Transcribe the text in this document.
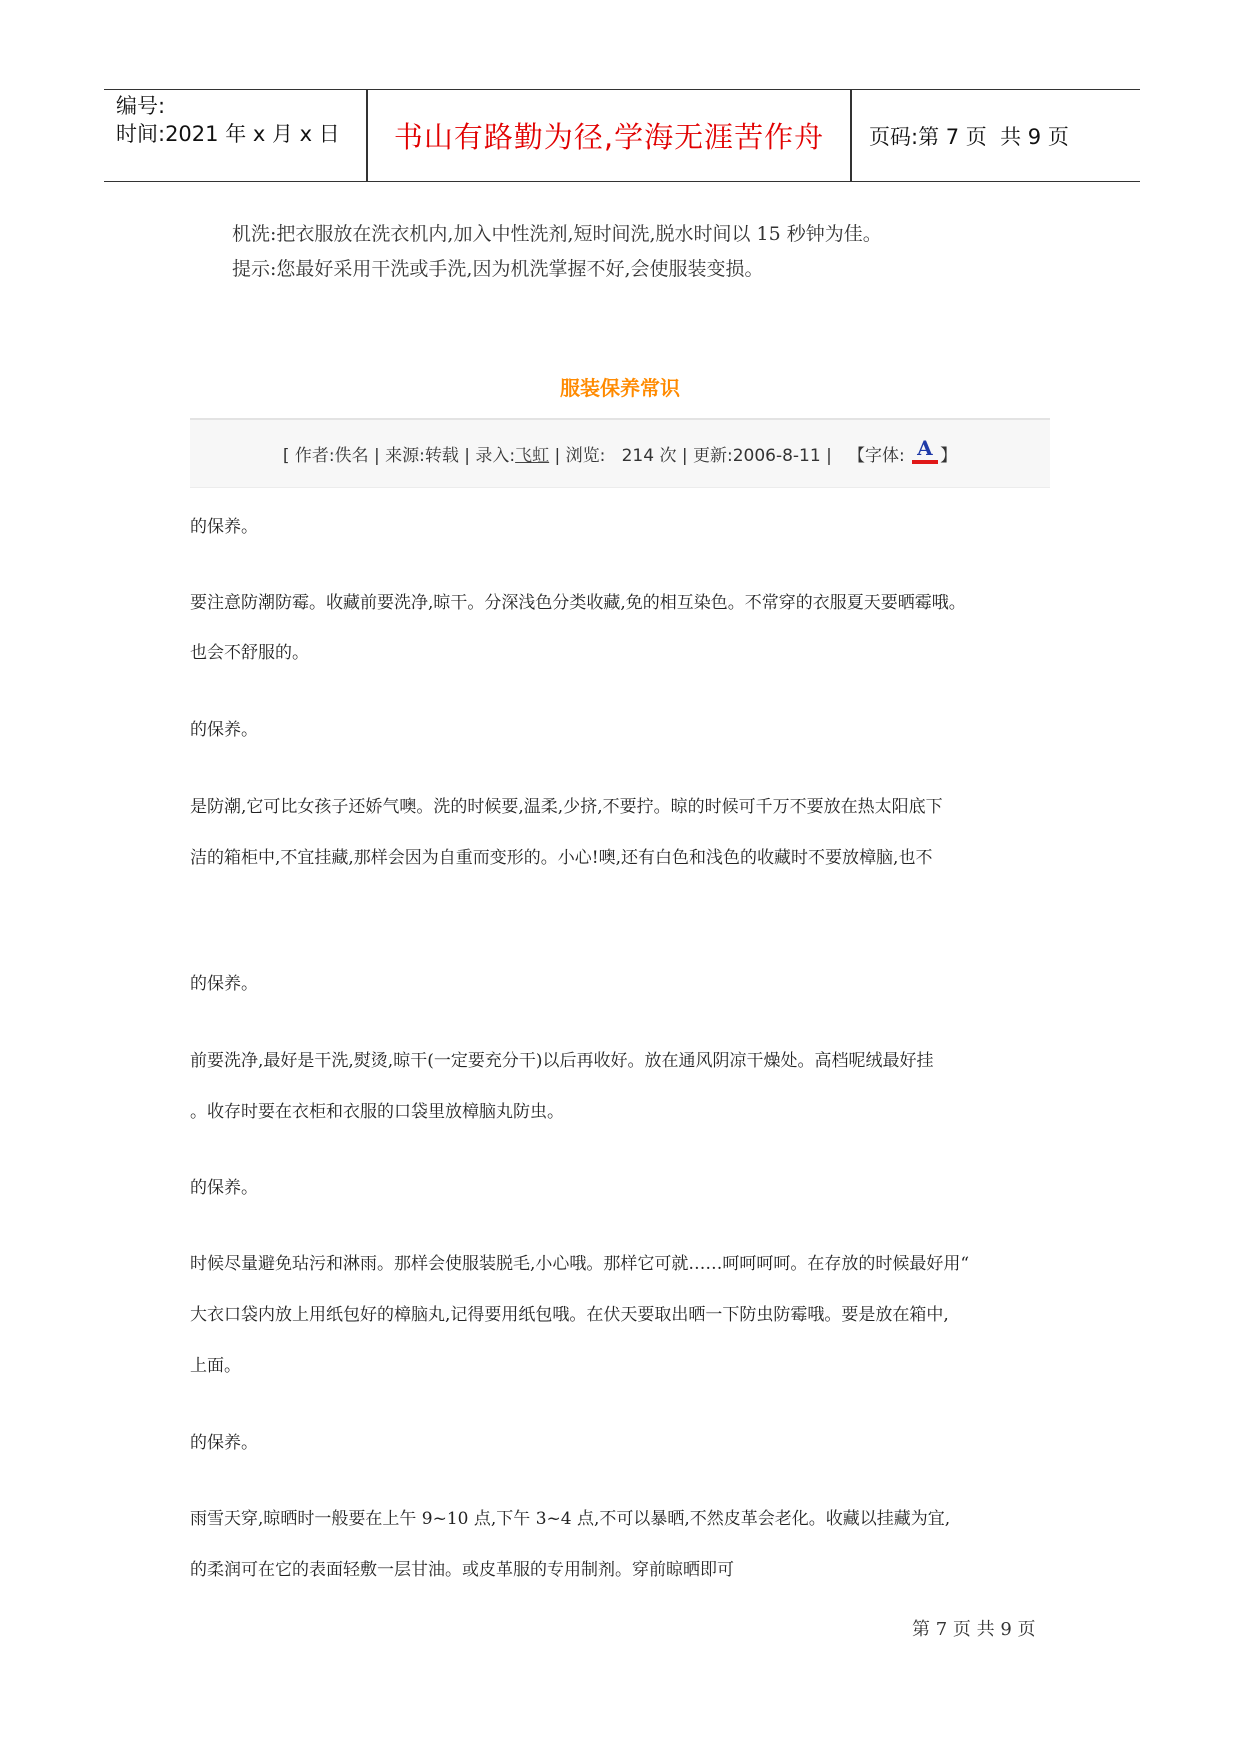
编号:
时间:2021 年 x 月 x 日	书山有路勤为径,学海无涯苦作舟	页码:第 7 页  共 9 页
机洗:把衣服放在洗衣机内,加入中性洗剂,短时间洗,脱水时间以 15 秒钟为佳。
提示:您最好采用干洗或手洗,因为机洗掌握不好,会使服装变损。
服装保养常识
[ 作者:佚名 | 来源:转载 | 录入: 飞虹 | 浏览:   214 次 | 更新:2006-8-11 |   【字体:

A

】

的保养。

要注意防潮防霉。收藏前要洗净,晾干。分深浅色分类收藏,免的相互染色。不常穿的衣服夏天要晒霉哦。

也会不舒服的。

的保养。

是防潮,它可比女孩子还娇气噢。洗的时候要,温柔,少挤,不要拧。晾的时候可千万不要放在热太阳底下

洁的箱柜中,不宜挂藏,那样会因为自重而变形的。小心!噢,还有白色和浅色的收藏时不要放樟脑,也不

的保养。

前要洗净,最好是干洗,熨烫,晾干(一定要充分干)以后再收好。放在通风阴凉干燥处。高档呢绒最好挂

。收存时要在衣柜和衣服的口袋里放樟脑丸防虫。

的保养。

时候尽量避免玷污和淋雨。那样会使服装脱毛,小心哦。那样它可就……呵呵呵呵。在存放的时候最好用“

大衣口袋内放上用纸包好的樟脑丸,记得要用纸包哦。在伏天要取出晒一下防虫防霉哦。要是放在箱中,

上面。

的保养。

雨雪天穿,晾晒时一般要在上午 9~10 点,下午 3~4 点,不可以暴晒,不然皮革会老化。收藏以挂藏为宜,

的柔润可在它的表面轻敷一层甘油。或皮革服的专用制剂。穿前晾晒即可

第 7 页 共 9 页
